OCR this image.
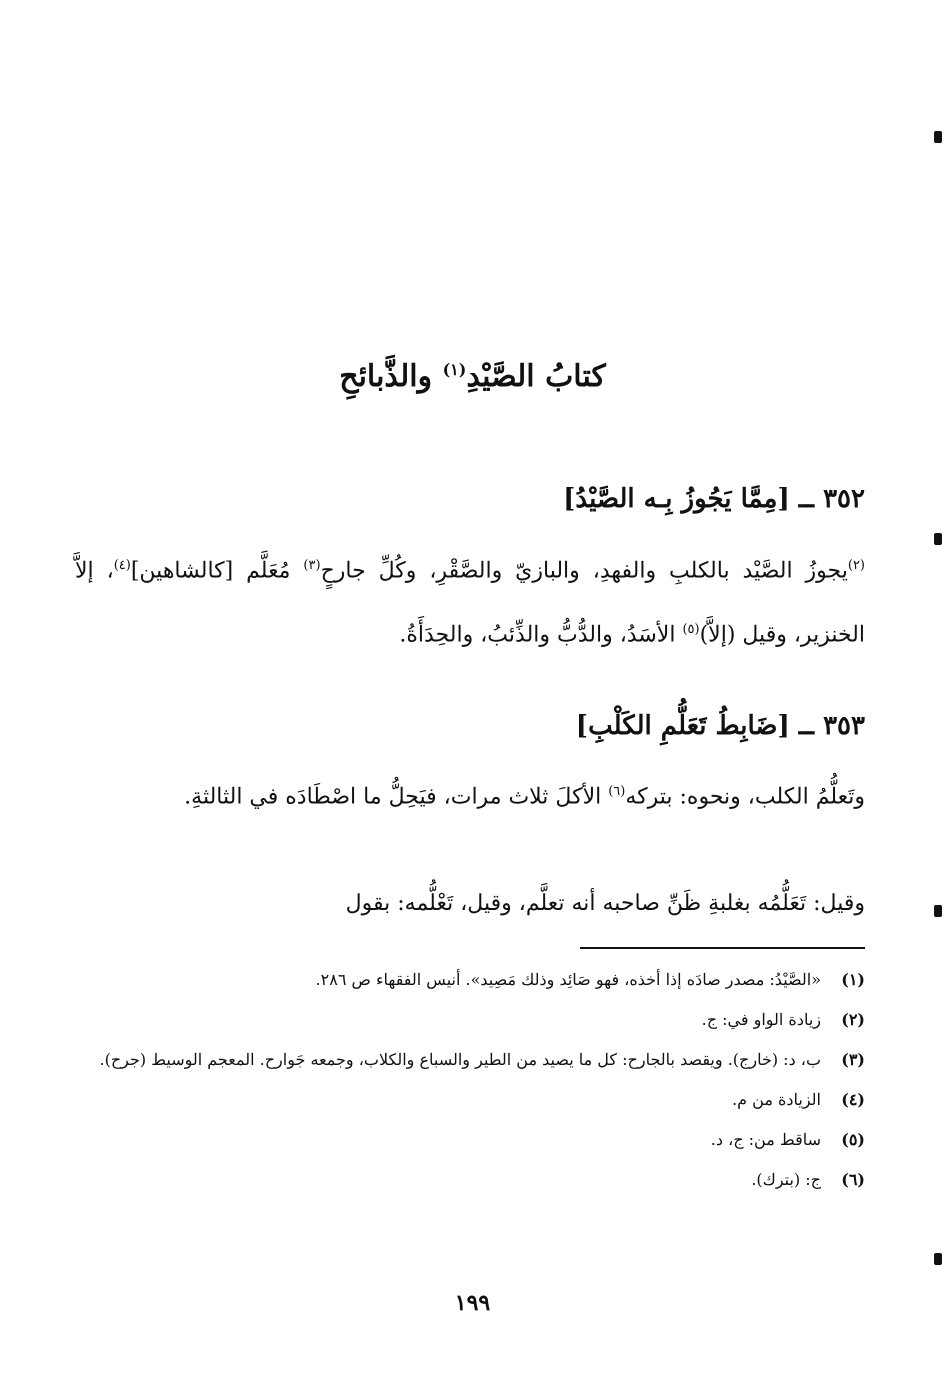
كتابُ الصَّيْدِ$^{(١)}$ والذَّبائحِ
٣٥٢ ــ [مِمَّا يَجُوزُ بِـه الصَّيْدُ]
$^{(٢)}$يجوزُ الصَّيْد بالكلبِ والفهدِ، والبازيّ والصَّقْرِ، وكُلِّ جارحٍ$^{(٣)}$ مُعَلَّم [كالشاهين]$^{(٤)}$، إلاَّ الخنزير، وقيل (إلاَّ)$^{(٥)}$ الأسَدُ، والدُّبُّ والذِّئبُ، والحِدَأَةُ.
٣٥٣ ــ [ضَابِطُ تَعَلُّمِ الكَلْبِ]
وتَعلُّمُ الكلب، ونحوه: بتركه$^{(٦)}$ الأكلَ ثلاث مرات، فيَحِلُّ ما اصْطَادَه في الثالثةِ.
وقيل: تَعَلُّمُه بغلبةِ ظَنِّ صاحبه أنه تعلَّم، وقيل، تَعْلُّمه: بقول
(١)
«الصَّيْدُ: مصدر صادَه إذا أخذه، فهو صَائِد وذلك مَصِيد». أنيس الفقهاء ص ٢٨٦.
(٢)
زيادة الواو في: ج.
(٣)
ب، د: (خارج). ويقصد بالجارح: كل ما يصيد من الطير والسباع والكلاب، وجمعه جَوارح. المعجم الوسيط (جرح).
(٤)
الزيادة من م.
(٥)
ساقط من: ج، د.
(٦)
ج: (بترك).
١٩٩
